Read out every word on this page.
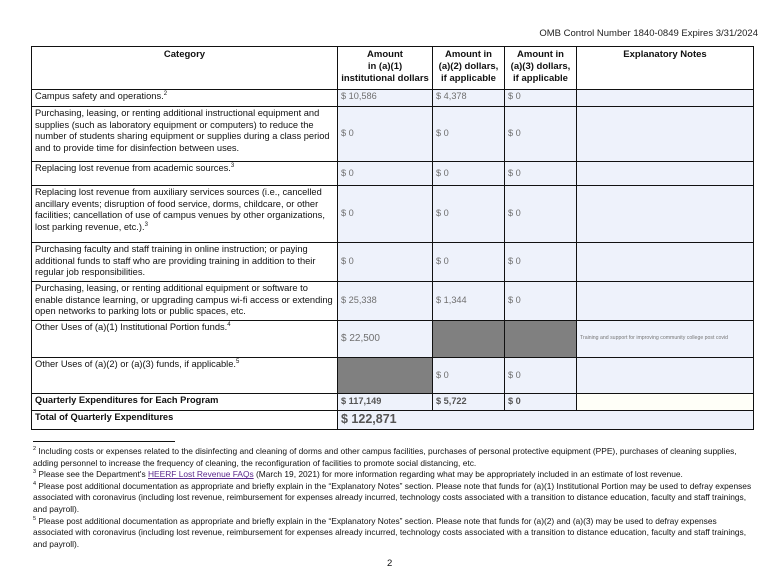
OMB Control Number 1840-0849 Expires 3/31/2024
Category	Amount
in (a)(1)
institutional dollars	Amount in
(a)(2) dollars,
if applicable	Amount in
(a)(3) dollars,
if applicable	Explanatory Notes
Campus safety and operations.$^2$	$ 10,586	$ 4,378	$ 0	
Purchasing, leasing, or renting additional instructional equipment and supplies (such as laboratory equipment or computers) to reduce the number of students sharing equipment or supplies during a class period and to provide time for disinfection between uses.	$ 0	$ 0	$ 0	
Replacing lost revenue from academic sources.$^3$	$ 0	$ 0	$ 0	
Replacing lost revenue from auxiliary services sources (i.e., cancelled ancillary events; disruption of food service, dorms, childcare, or other facilities; cancellation of use of campus venues by other organizations, lost parking revenue, etc.).$^3$	$ 0	$ 0	$ 0	
Purchasing faculty and staff training in online instruction; or paying additional funds to staff who are providing training in addition to their regular job responsibilities.	$ 0	$ 0	$ 0	
Purchasing, leasing, or renting additional equipment or software to enable distance learning, or upgrading campus wi-fi access or extending open networks to parking lots or public spaces, etc.	$ 25,338	$ 1,344	$ 0	
Other Uses of (a)(1) Institutional Portion funds.$^4$	$ 22,500			Training and support for improving community college post covid
Other Uses of (a)(2) or (a)(3) funds, if applicable.$^5$		$ 0	$ 0	
Quarterly Expenditures for Each Program	$ 117,149	$ 5,722	$ 0	
Total of Quarterly Expenditures	$ 122,871			

$^2$ Including costs or expenses related to the disinfecting and cleaning of dorms and other campus facilities, purchases of personal protective equipment (PPE), purchases of cleaning supplies, adding personnel to increase the frequency of cleaning, the reconfiguration of facilities to promote social distancing, etc.

$^3$ Please see the Department's HEERF Lost Revenue FAQs (March 19, 2021) for more information regarding what may be appropriately included in an estimate of lost revenue.

$^4$ Please post additional documentation as appropriate and briefly explain in the “Explanatory Notes” section. Please note that funds for (a)(1) Institutional Portion may be used to defray expenses associated with coronavirus (including lost revenue, reimbursement for expenses already incurred, technology costs associated with a transition to distance education, faculty and staff trainings, and payroll).

$^5$ Please post additional documentation as appropriate and briefly explain in the “Explanatory Notes” section. Please note that funds for (a)(2) and (a)(3) may be used to defray expenses associated with coronavirus (including lost revenue, reimbursement for expenses already incurred, technology costs associated with a transition to distance education, faculty and staff trainings, and payroll).

2
